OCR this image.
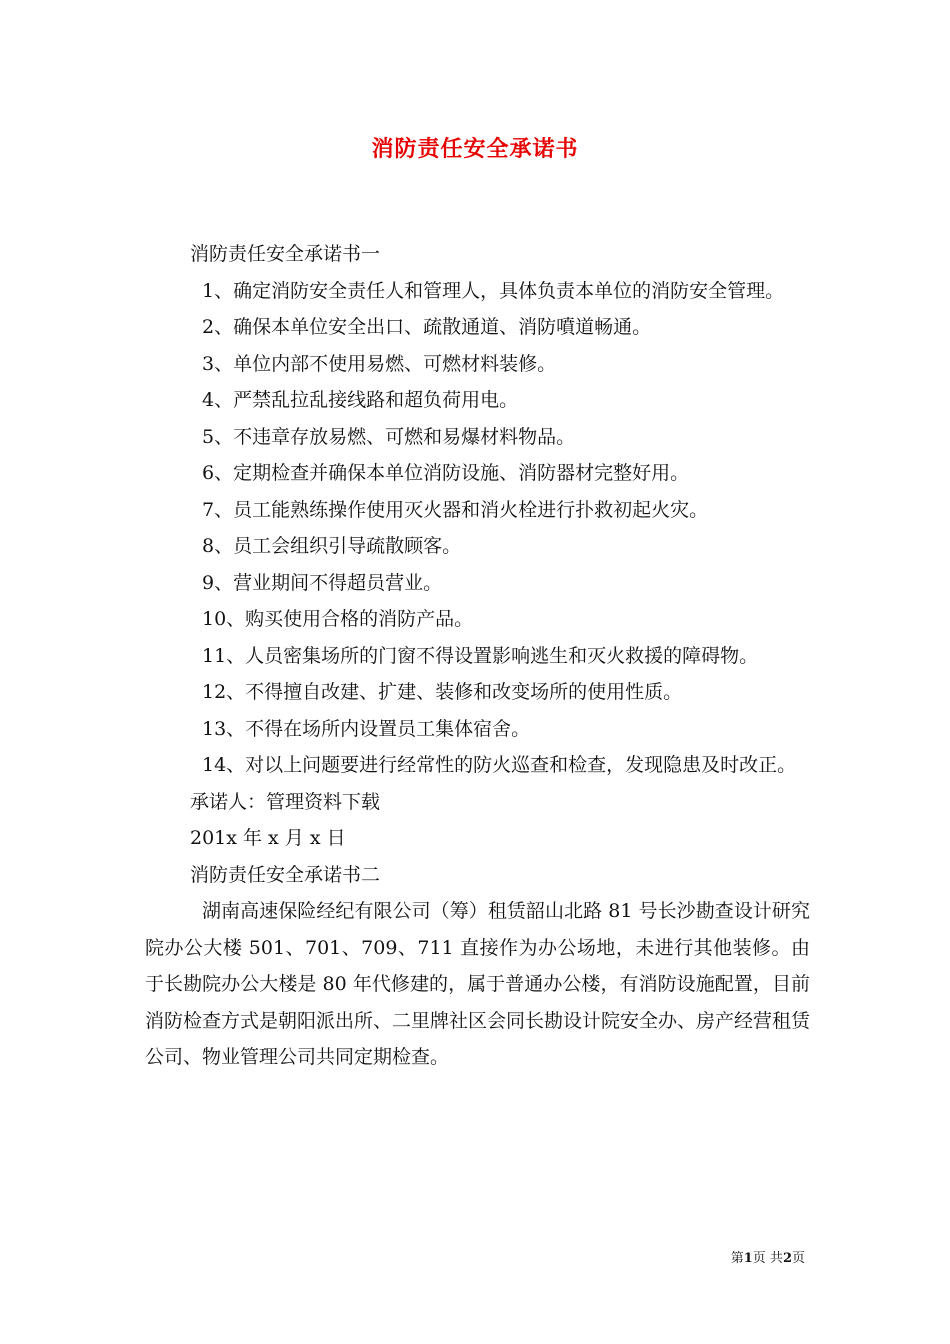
消防责任安全承诺书

消防责任安全承诺书一

1、确定消防安全责任人和管理人，具体负责本单位的消防安全管理。

2、确保本单位安全出口、疏散通道、消防噴道畅通。

3、单位内部不使用易燃、可燃材料装修。

4、严禁乱拉乱接线路和超负荷用电。

5、不违章存放易燃、可燃和易爆材料物品。

6、定期检查并确保本单位消防设施、消防器材完整好用。

7、员工能熟练操作使用灭火器和消火栓进行扑救初起火灾。

8、员工会组织引导疏散顾客。

9、营业期间不得超员营业。

10、购买使用合格的消防产品。

11、人员密集场所的门窗不得设置影响逃生和灭火救援的障碍物。

12、不得擅自改建、扩建、装修和改变场所的使用性质。

13、不得在场所内设置员工集体宿舍。

14、对以上问题要进行经常性的防火巡查和检查，发现隐患及时改正。

承诺人：管理资料下载

201x 年 x 月 x 日

消防责任安全承诺书二

湖南高速保险经纪有限公司（筹）租赁韶山北路 81 号长沙勘查设计研究院办公大楼 501、701、709、711 直接作为办公场地，未进行其他装修。由于长勘院办公大楼是 80 年代修建的，属于普通办公楼，有消防设施配置，目前消防检查方式是朝阳派出所、二里牌社区会同长勘设计院安全办、房产经营租赁公司、物业管理公司共同定期检查。

第1页 共2页
